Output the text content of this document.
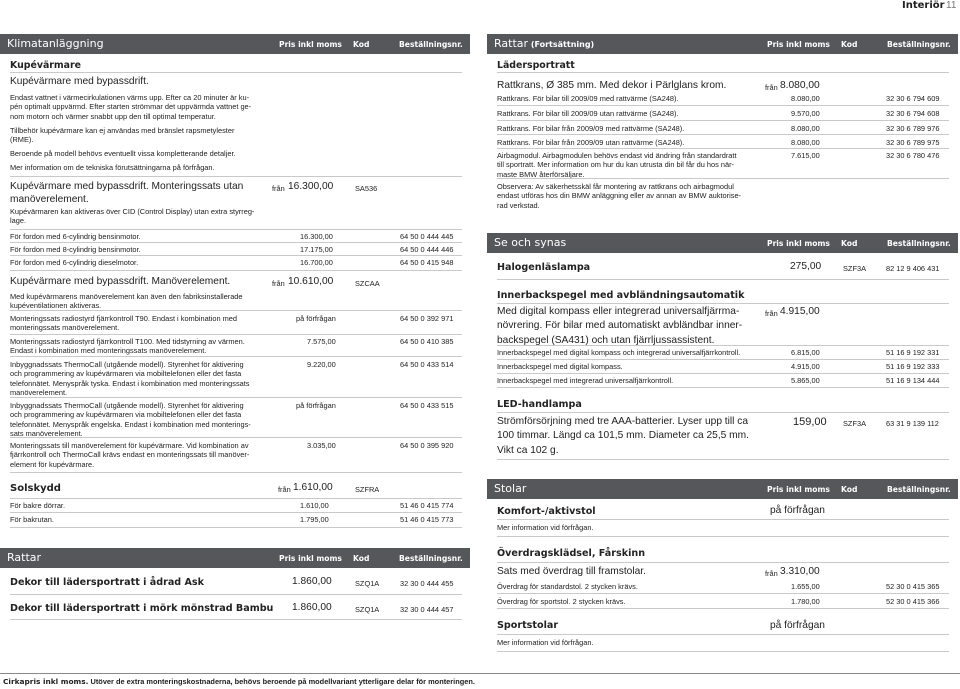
Interiör 11
Klimatanläggning	Pris inkl moms Kod	Beställningsnr.
Kupévärmare
Kupévärmare med bypassdrift.
Endast vattnet i värmecirkulationen värms upp. Efter ca 20 minuter är ku-
pén optimalt uppvärmd. Efter starten strömmar det uppvärmda vattnet ge-
nom motorn och värmer snabbt upp den till optimal temperatur.
Tillbehör kupévärmare kan ej användas med bränslet rapsmetylester
(RME).
Beroende på modell behövs eventuellt vissa kompletterande detaljer.
Mer information om de tekniska förutsättningarna på förfrågan.
Kupévärmare med bypassdrift. Monteringssats utan
manöverelement.
från 16.300,00	SA536
Kupévärmaren kan aktiveras över CID (Control Display) utan extra styrreg-
lage.
För fordon med 6-cylindrig bensinmotor.	16.300,00	64 50 0 444 445
För fordon med 8-cylindrig bensinmotor.	17.175,00	64 50 0 444 446
För fordon med 6-cylindrig dieselmotor.	16.700,00	64 50 0 415 948
Kupévärmare med bypassdrift. Manöverelement.	från 10.610,00	SZCAA
Med kupévärmarens manöverelement kan även den fabriksinstallerade
kupéventilationen aktiveras.
Monteringssats radiostyrd fjärrkontroll T90. Endast i kombination med
monteringssats manöverelement.
på förfrågan	64 50 0 392 971
Monteringssats radiostyrd fjärrkontroll T100. Med tidstyrning av värmen.
Endast i kombination med monteringssats manöverelement.
7.575,00	64 50 0 410 385
Inbyggnadssats ThermoCall (utgående modell). Styrenhet för aktivering
och programmering av kupévärmaren via mobiltelefonen eller det fasta
telefonnätet. Menyspråk tyska. Endast i kombination med monteringssats
manöverelement.
9.220,00	64 50 0 433 514
Inbyggnadssats ThermoCall (utgående modell). Styrenhet för aktivering
och programmering av kupévärmaren via mobiltelefonen eller det fasta
telefonnätet. Menyspråk engelska. Endast i kombination med monterings-
sats manöverelement.
på förfrågan	64 50 0 433 515
Monteringssats till manöverelement för kupévärmare. Vid kombination av
fjärrkontroll och ThermoCall krävs endast en monteringssats till manöver-
element för kupévärmare.
3.035,00	64 50 0 395 920
Solskydd	från 1.610,00	SZFRA
För bakre dörrar.	1.610,00	51 46 0 415 774
För bakrutan.	1.795,00	51 46 0 415 773
Rattar	Pris inkl moms Kod	Beställningsnr.
Dekor till lädersportratt i ådrad Ask	1.860,00	SZQ1A	32 30 0 444 455
Dekor till lädersportratt i mörk mönstrad Bambu 1.860,00	SZQ1A	32 30 0 444 457
Rattar (Fortsättning)	Pris inkl moms Kod	Beställningsnr.
Lädersportratt
Rattkrans, Ø 385 mm. Med dekor i Pärlglans krom.	från 8.080,00
Rattkrans. För bilar till 2009/09 med rattvärme (SA248).	8.080,00	32 30 6 794 609
Rattkrans. För bilar till 2009/09 utan rattvärme (SA248).	9.570,00	32 30 6 794 608
Rattkrans. För bilar från 2009/09 med rattvärme (SA248).	8.080,00	32 30 6 789 976
Rattkrans. För bilar från 2009/09 utan rattvärme (SA248).	8.080,00	32 30 6 789 975
Airbagmodul. Airbagmodulen behövs endast vid ändring från standardratt
till sportratt. Mer information om hur du kan utrusta din bil får du hos när-
maste BMW återförsäljare.
7.615,00	32 30 6 780 476
Observera: Av säkerhetsskäl får montering av rattkrans och airbagmodul
endast utföras hos din BMW anläggning eller av annan av BMW auktorise-
rad verkstad.
Se och synas	Pris inkl moms Kod	Beställningsnr.
Halogenläslampa	275,00	SZF3A	82 12 9 406 431
Innerbackspegel med avbländningsautomatik
Med digital kompass eller integrerad universalfjärrma-
növrering. För bilar med automatiskt avbländbar inner-
backspegel (SA431) och utan fjärrljussassistent.
från 4.915,00
Innerbackspegel med digital kompass och integrerad universalfjärrkontroll.	6.815,00	51 16 9 192 331
Innerbackspegel med digital kompass.	4.915,00	51 16 9 192 333
Innerbackspegel med integrerad universalfjärrkontroll.	5.865,00	51 16 9 134 444
LED-handlampa
Strömförsörjning med tre AAA-batterier. Lyser upp till ca
100 timmar. Längd ca 101,5 mm. Diameter ca 25,5 mm.
Vikt ca 102 g.
159,00 SZF3A	63 31 9 139 112
Stolar	Pris inkl moms Kod	Beställningsnr.
Komfort-/aktivstol	på förfrågan
Mer information vid förfrågan.
Överdragsklädsel, Fårskinn
Sats med överdrag till framstolar.	från 3.310,00
Överdrag för standardstol. 2 stycken krävs.	1.655,00	52 30 0 415 365
Överdrag för sportstol. 2 stycken krävs.	1.780,00	52 30 0 415 366
Sportstolar	på förfrågan
Mer information vid förfrågan.
Cirkapris inkl moms. Utöver de extra monteringskostnaderna, behövs beroende på modellvariant ytterligare delar för monteringen.
